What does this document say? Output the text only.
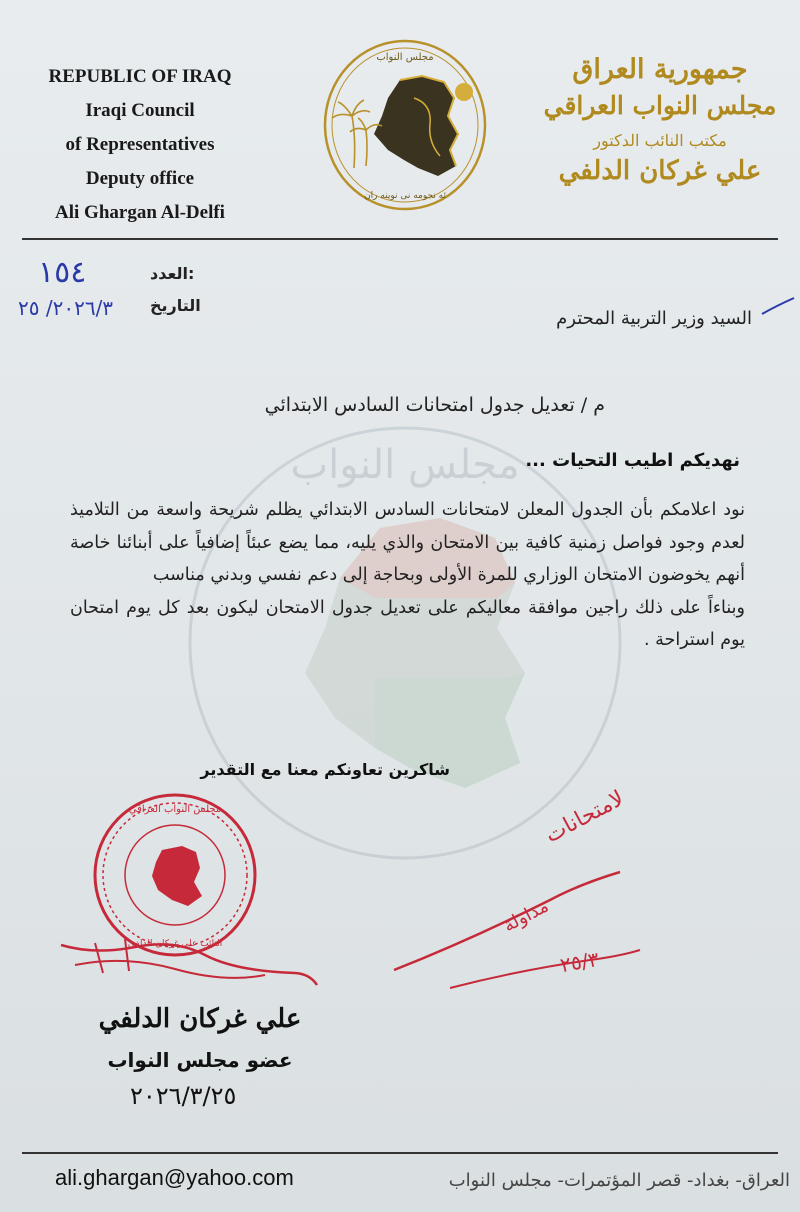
REPUBLIC OF IRAQ
Iraqi Council
of Representatives
Deputy office
Ali Ghargan Al-Delfi
مجلس النواب
ئه نجومه نى نوينه ران
جمهورية العراق
مجلس النواب العراقي
مكتب النائب الدكتور
علي غركان الدلفي
العدد:
١٥٤
التاريخ
٢٠٢٦/٣/ ٢٥	السيد وزير التربية المحترم
مجلس النواب
م / تعديل جدول امتحانات السادس الابتدائي
نهديكم اطيب التحيات ...

نود اعلامكم بأن الجدول المعلن لامتحانات السادس الابتدائي يظلم شريحة واسعة من التلاميذ لعدم وجود فواصل زمنية كافية بين الامتحان والذي يليه، مما يضع عبئاً إضافياً على أبنائنا خاصة أنهم يخوضون الامتحان الوزاري للمرة الأولى وبحاجة إلى دعم نفسي وبدني مناسب

وبناءاً على ذلك راجين موافقة معاليكم على تعديل جدول الامتحان ليكون بعد كل يوم امتحان يوم استراحة .

شاكرين تعاونكم معنا مع التقدير
مجلس النواب العراقي
النائب علي غركان الدلفي
لامتحانات
مداولة
٢٥/٣
علي غركان الدلفي
عضو مجلس النواب
٢٠٢٦/٣/٢٥
ali.ghargan@yahoo.com	العراق- بغداد- قصر المؤتمرات- مجلس النواب
